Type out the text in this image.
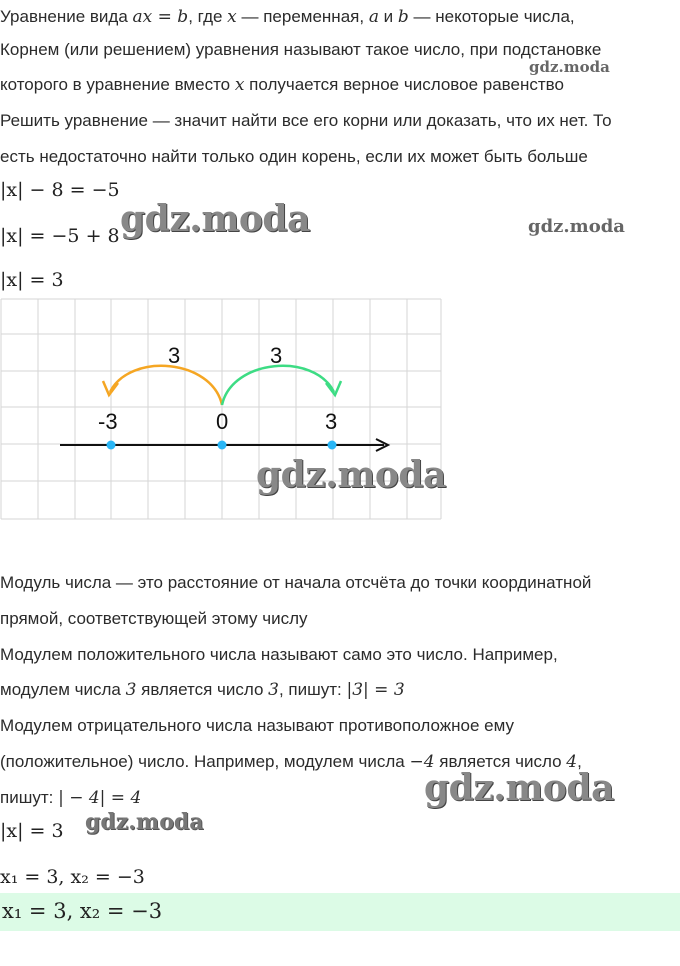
Уравнение вида ax = b, где x — переменная, a и b — некоторые числа,
Корнем (или решением) уравнения называют такое число, при подстановке
которого в уравнение вместо x получается верное числовое равенство
Решить уравнение — значит найти все его корни или доказать, что их нет. То
есть недостаточно найти только один корень, если их может быть больше
|x| − 8 = −5
|x| = −5 + 8
|x| = 3
3	3
-3	0	3
Модуль числа — это расстояние от начала отсчёта до точки координатной
прямой, соответствующей этому числу
Модулем положительного числа называют само это число. Например,
модулем числа 3 является число 3, пишут: |3| = 3
Модулем отрицательного числа называют противоположное ему
(положительное) число. Например, модулем числа −4 является число 4,
пишут: | − 4| = 4
|x| = 3
x₁ = 3, x₂ = −3
x₁ = 3, x₂ = −3
gdz.moda
gdz.moda	gdz.moda
gdz.moda
gdz.moda
gdz.moda
